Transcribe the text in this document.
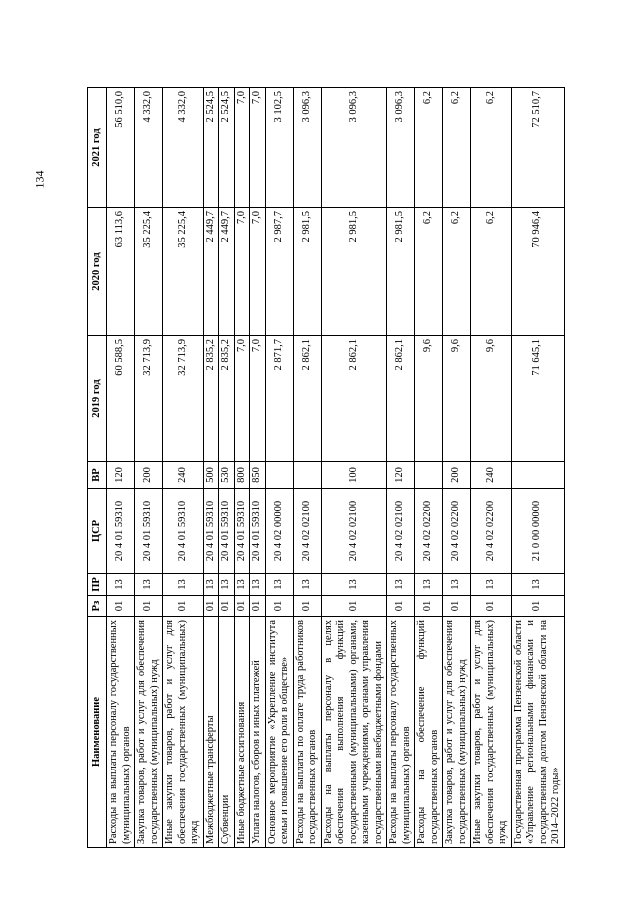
134
Наименование	Рз	ПР	ЦСР	ВР	2019 год	2020 год	2021 год
Расходы на выплаты персоналу государственных (муниципальных) органов	01	13	20 4 01 59310	120	60 588,5	63 113,6	56 510,0
Закупка товаров, работ и услуг для обеспечения государственных (муниципальных) нужд	01	13	20 4 01 59310	200	32 713,9	35 225,4	4 332,0
Иные закупки товаров, работ и услуг для обеспечения государственных (муниципальных) нужд	01	13	20 4 01 59310	240	32 713,9	35 225,4	4 332,0
Межбюджетные трансферты	01	13	20 4 01 59310	500	2 835,2	2 449,7	2 524,5
Субвенции	01	13	20 4 01 59310	530	2 835,2	2 449,7	2 524,5
Иные бюджетные ассигнования	01	13	20 4 01 59310	800	7,0	7,0	7,0
Уплата налогов, сборов и иных платежей	01	13	20 4 01 59310	850	7,0	7,0	7,0
Основное мероприятие «Укрепление института семьи и повышение его роли в обществе»	01	13	20 4 02 00000		2 871,7	2 987,7	3 102,5
Расходы на выплаты по оплате труда работников государственных органов	01	13	20 4 02 02100		2 862,1	2 981,5	3 096,3
Расходы на выплаты персоналу в целях обеспечения выполнения функций государственными (муниципальными) органами, казенными учреждениями, органами управления государственными внебюджетными фондами	01	13	20 4 02 02100	100	2 862,1	2 981,5	3 096,3
Расходы на выплаты персоналу государственных (муниципальных) органов	01	13	20 4 02 02100	120	2 862,1	2 981,5	3 096,3
Расходы на обеспечение функций государственных органов	01	13	20 4 02 02200		9,6	6,2	6,2
Закупка товаров, работ и услуг для обеспечения государственных (муниципальных) нужд	01	13	20 4 02 02200	200	9,6	6,2	6,2
Иные закупки товаров, работ и услуг для обеспечения государственных (муниципальных) нужд	01	13	20 4 02 02200	240	9,6	6,2	6,2
Государственная программа Пензенской области «Управление региональными финансами и государственным долгом Пензенской области на 2014–2022 годы»	01	13	21 0 00 00000		71 645,1	70 946,4	72 510,7
